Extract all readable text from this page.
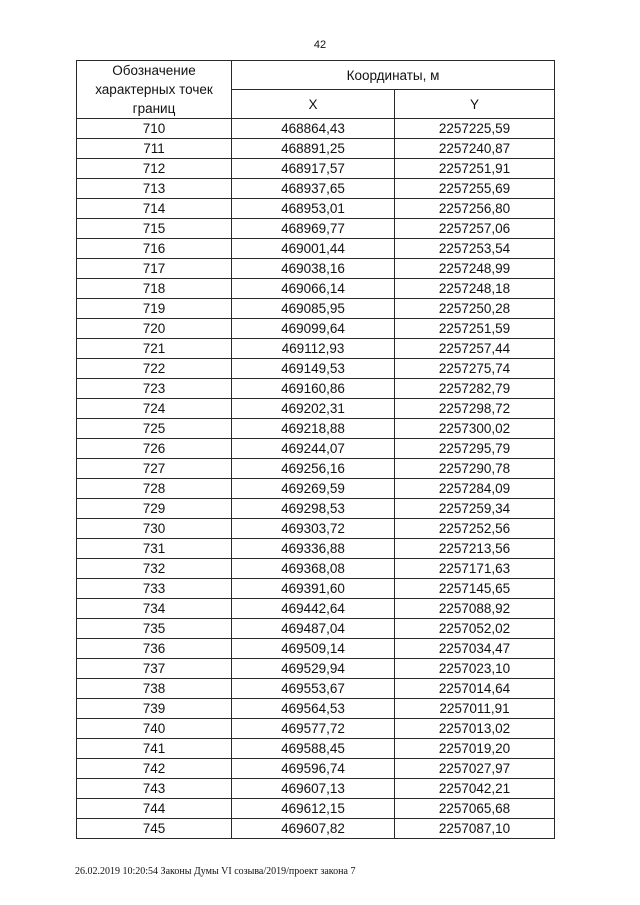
42
Обозначение характерных точек границ	Координаты, м	
	X	Y
710	468864,43	2257225,59
711	468891,25	2257240,87
712	468917,57	2257251,91
713	468937,65	2257255,69
714	468953,01	2257256,80
715	468969,77	2257257,06
716	469001,44	2257253,54
717	469038,16	2257248,99
718	469066,14	2257248,18
719	469085,95	2257250,28
720	469099,64	2257251,59
721	469112,93	2257257,44
722	469149,53	2257275,74
723	469160,86	2257282,79
724	469202,31	2257298,72
725	469218,88	2257300,02
726	469244,07	2257295,79
727	469256,16	2257290,78
728	469269,59	2257284,09
729	469298,53	2257259,34
730	469303,72	2257252,56
731	469336,88	2257213,56
732	469368,08	2257171,63
733	469391,60	2257145,65
734	469442,64	2257088,92
735	469487,04	2257052,02
736	469509,14	2257034,47
737	469529,94	2257023,10
738	469553,67	2257014,64
739	469564,53	2257011,91
740	469577,72	2257013,02
741	469588,45	2257019,20
742	469596,74	2257027,97
743	469607,13	2257042,21
744	469612,15	2257065,68
745	469607,82	2257087,10
26.02.2019 10:20:54 Законы Думы VI созыва/2019/проект закона 7
